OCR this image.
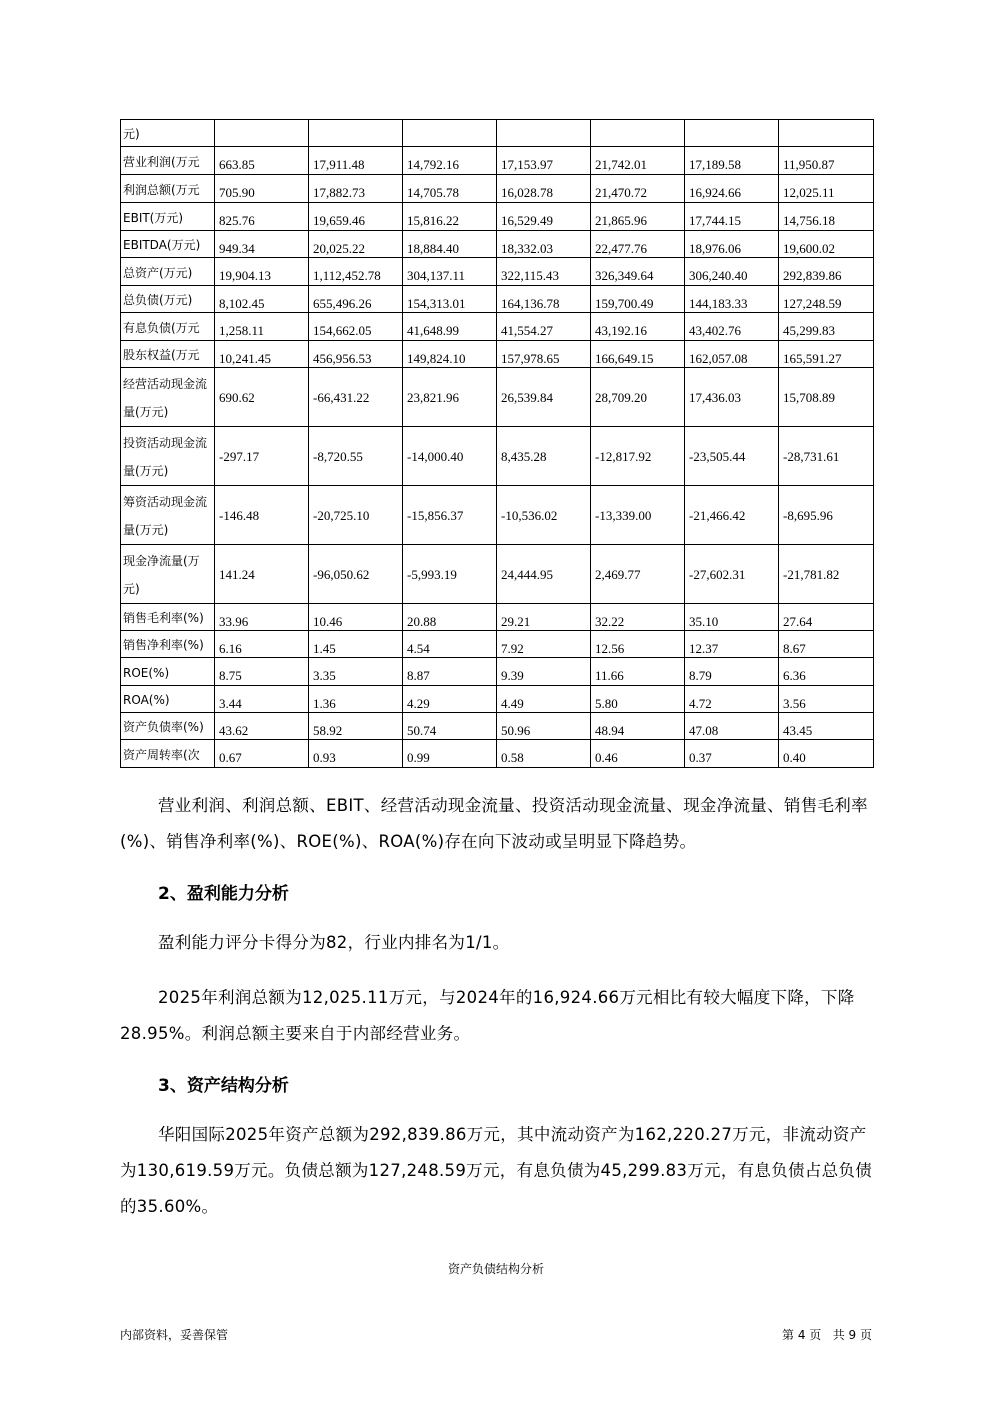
元)							
营业利润(万元	663.85	17,911.48	14,792.16	17,153.97	21,742.01	17,189.58	11,950.87
利润总额(万元	705.90	17,882.73	14,705.78	16,028.78	21,470.72	16,924.66	12,025.11
EBIT(万元)	825.76	19,659.46	15,816.22	16,529.49	21,865.96	17,744.15	14,756.18
EBITDA(万元)	949.34	20,025.22	18,884.40	18,332.03	22,477.76	18,976.06	19,600.02
总资产(万元)	19,904.13	1,112,452.78	304,137.11	322,115.43	326,349.64	306,240.40	292,839.86
总负债(万元)	8,102.45	655,496.26	154,313.01	164,136.78	159,700.49	144,183.33	127,248.59
有息负债(万元	1,258.11	154,662.05	41,648.99	41,554.27	43,192.16	43,402.76	45,299.83
股东权益(万元	10,241.45	456,956.53	149,824.10	157,978.65	166,649.15	162,057.08	165,591.27
经营活动现金流量(万元)	690.62	-66,431.22	23,821.96	26,539.84	28,709.20	17,436.03	15,708.89
投资活动现金流量(万元)	-297.17	-8,720.55	-14,000.40	8,435.28	-12,817.92	-23,505.44	-28,731.61
筹资活动现金流量(万元)	-146.48	-20,725.10	-15,856.37	-10,536.02	-13,339.00	-21,466.42	-8,695.96
现金净流量(万元)	141.24	-96,050.62	-5,993.19	24,444.95	2,469.77	-27,602.31	-21,781.82
销售毛利率(%)	33.96	10.46	20.88	29.21	32.22	35.10	27.64
销售净利率(%)	6.16	1.45	4.54	7.92	12.56	12.37	8.67
ROE(%)	8.75	3.35	8.87	9.39	11.66	8.79	6.36
ROA(%)	3.44	1.36	4.29	4.49	5.80	4.72	3.56
资产负债率(%)	43.62	58.92	50.74	50.96	48.94	47.08	43.45
资产周转率(次	0.67	0.93	0.99	0.58	0.46	0.37	0.40
营业利润、利润总额、EBIT、经营活动现金流量、投资活动现金流量、现金净流量、销售毛利率(%)、销售净利率(%)、ROE(%)、ROA(%)存在向下波动或呈明显下降趋势。
2、盈利能力分析
盈利能力评分卡得分为82，行业内排名为1/1。
2025年利润总额为12,025.11万元，与2024年的16,924.66万元相比有较大幅度下降，下降28.95%。利润总额主要来自于内部经营业务。
3、资产结构分析
华阳国际2025年资产总额为292,839.86万元，其中流动资产为162,220.27万元，非流动资产为130,619.59万元。负债总额为127,248.59万元，有息负债为45,299.83万元，有息负债占总负债的35.60%。
资产负债结构分析
内部资料，妥善保管	第 4 页   共 9 页
